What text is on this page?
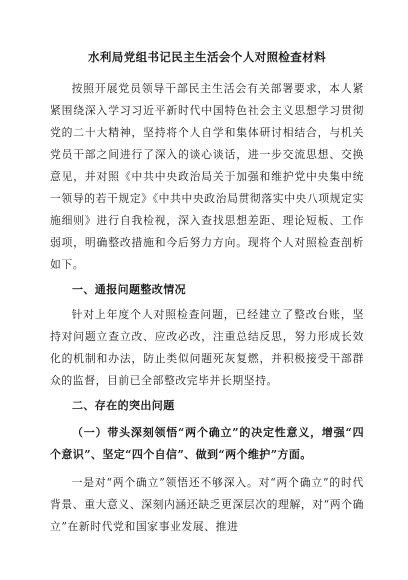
水利局党组书记民主生活会个人对照检查材料

按照开展党员领导干部民主生活会有关部署要求，本人紧紧围绕深入学习习近平新时代中国特色社会主义思想学习贯彻党的二十大精神，坚持将个人自学和集体研讨相结合，与机关党员干部之间进行了深入的谈心谈话，进一步交流思想、交换意见，并对照《中共中央政治局关于加强和维护党中央集中统一领导的若干规定》《中共中央政治局贯彻落实中央八项规定实施细则》进行自我检视，深入查找思想差距、理论短板、工作弱项，明确整改措施和今后努力方向。现将个人对照检查剖析如下。

一、通报问题整改情况

针对上年度个人对照检查问题，已经建立了整改台账，坚持对问题立查立改、应改必改，注重总结反思，努力形成长效化的机制和办法，防止类似问题死灰复燃，并积极接受干部群众的监督，目前已全部整改完毕并长期坚持。

二、存在的突出问题
（一）带头深刻领悟“两个确立”的决定性意义，增强“四个意识”、坚定“四个自信”、做到“两个维护”方面。

一是对“两个确立”领悟还不够深入。对“两个确立”的时代背景、重大意义、深刻内涵还缺乏更深层次的理解，对“两个确立”在新时代党和国家事业发展、推进
